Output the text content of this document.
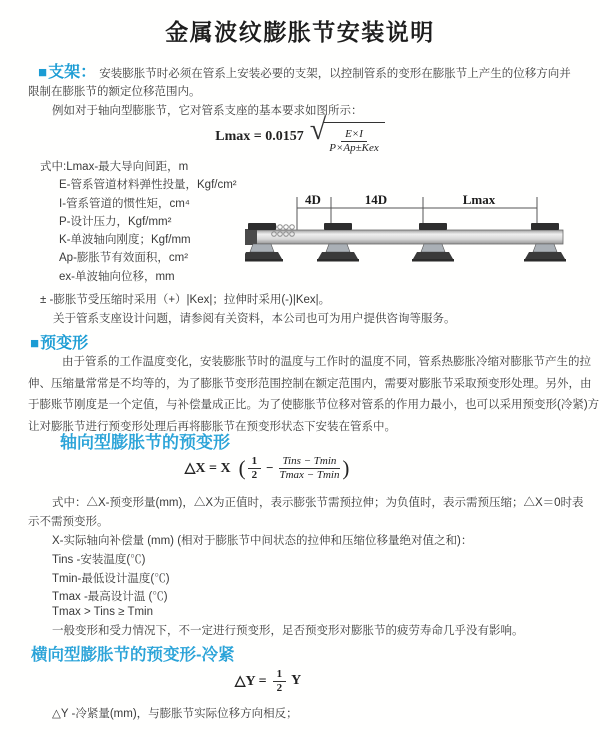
金属波纹膨胀节安装说明
■支架： 安装膨胀节时必须在管系上安装必要的支架，以控制管系的变形在膨胀节上产生的位移方向并
限制在膨胀节的额定位移范围内。
例如对于轴向型膨胀节，它对管系支座的基本要求如图所示：
Lmax = 0.0157 √ $\frac{E\times I}{\text{P×Ap±Kex}}$
式中:Lmax-最大导向间距，m
E-管系管道材料弹性投量，Kgf/cm²
I-管系管道的惯性矩，cm⁴
P-设计压力，Kgf/mm²
K-单波轴向刚度；Kgf/mm
Ap-膨胀节有效面积，cm²
ex-单波轴向位移，mm
4D	14D	Lmax
± -膨胀节受压缩时采用（+）|Kex|；拉伸时采用(-)|Kex|。
关于管系支座设计问题，请参阅有关资料，本公司也可为用户提供咨询等服务。
■预变形
由于管系的工作温度变化，安装膨胀节时的温度与工作时的温度不同，管系热膨胀冷缩对膨胀节产生的拉
伸、压缩量常常是不均等的，为了膨胀节变形范围控制在额定范围内，需要对膨胀节采取预变形处理。另外，由
于膨账节刚度是一个定值，与补偿量成正比。为了使膨胀节位移对管系的作用力最小，也可以采用预变形(冷紧)方
让对膨胀节进行预变形处理后再将膨胀节在预变形状态下安装在管系中。
轴向型膨胀节的预变形
△X = X ( $\frac{1}{2} - \frac{\text{Tins − Tmin}}{Tmax - Tmin}$ )
式中：△X-预变形量(mm)，△X为正值时，表示膨张节需预拉伸；为负值时，表示需预压缩；△X＝0时表
示不需预变形。
X-实际轴向补偿量 (mm) (相对于膨胀节中间状态的拉伸和压缩位移量绝对值之和)：
Tins -安装温度(℃)
Tmin-最低设计温度(℃)
Tmax -最高设计温 (℃)
Tmax > Tins ≥ Tmin
一般变形和受力情况下，不一定进行预变形，足否预变形对膨胀节的疲劳寿命几乎没有影响。
横向型膨胀节的预变形-冷紧
△Y = $\frac{1}{2}$ Y
△Y -冷紧量(mm)，与膨胀节实际位移方向相反；
